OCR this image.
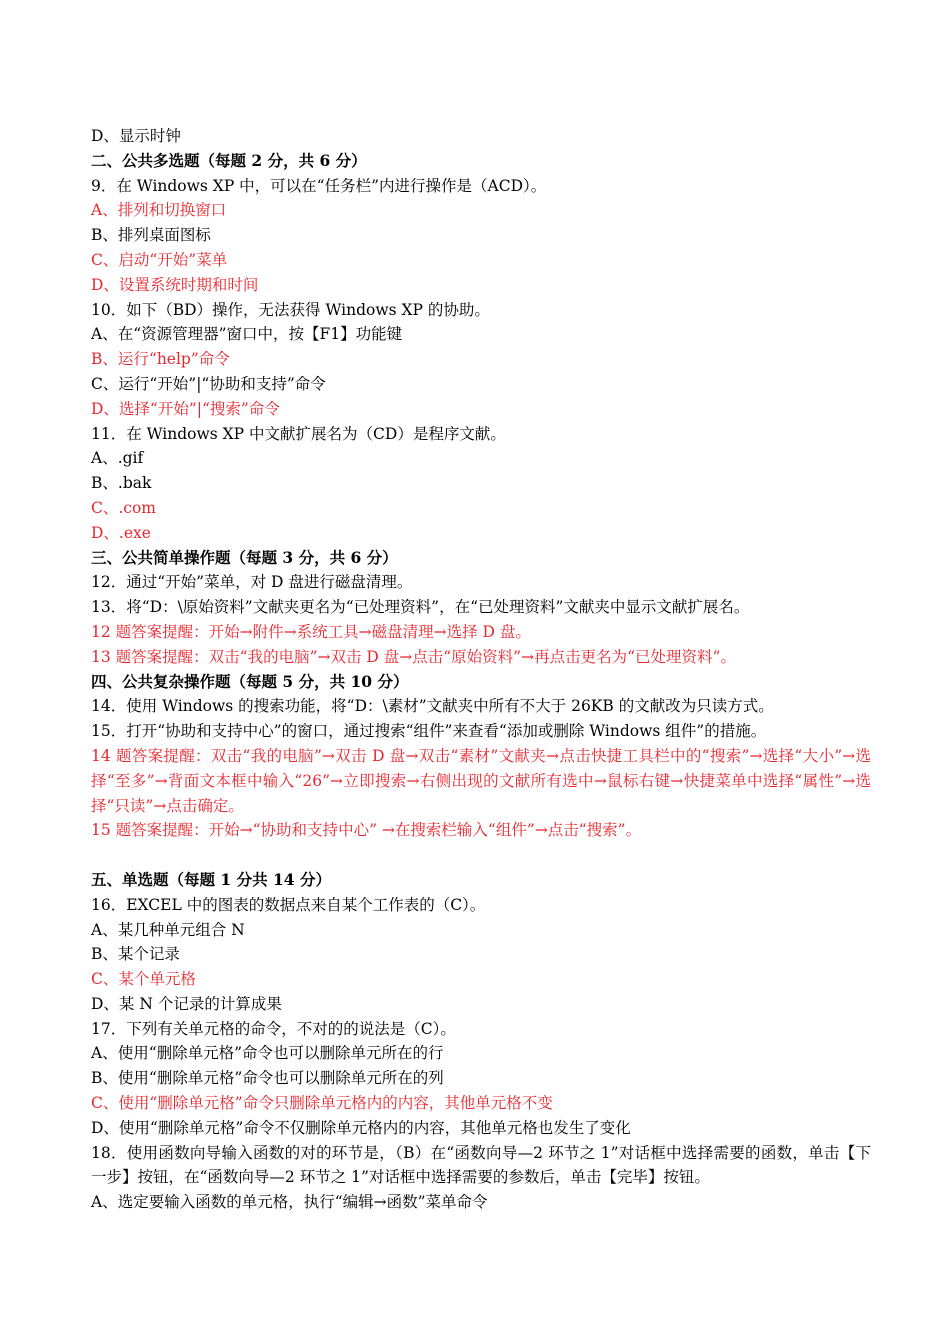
D、显示时钟
二、公共多选题（每题 2 分，共 6 分）
9．在 Windows XP 中，可以在“任务栏”内进行操作是（ACD）。
A、排列和切换窗口
B、排列桌面图标
C、启动“开始”菜单
D、设置系统时期和时间
10．如下（BD）操作，无法获得 Windows XP 的协助。
A、在“资源管理器”窗口中，按【F1】功能键
B、运行“help”命令
C、运行“开始”|“协助和支持”命令
D、选择“开始”|“搜索”命令
11．在 Windows XP 中文献扩展名为（CD）是程序文献。
A、.gif
B、.bak
C、.com
D、.exe
三、公共简单操作题（每题 3 分，共 6 分）
12．通过“开始”菜单，对 D 盘进行磁盘清理。
13．将“D：\原始资料”文献夹更名为“已处理资料”，在“已处理资料”文献夹中显示文献扩展名。
12 题答案提醒：开始→附件→系统工具→磁盘清理→选择 D 盘。
13 题答案提醒：双击“我的电脑”→双击 D 盘→点击“原始资料”→再点击更名为“已处理资料”。
四、公共复杂操作题（每题 5 分，共 10 分）
14．使用 Windows 的搜索功能，将“D：\素材”文献夹中所有不大于 26KB 的文献改为只读方式。
15．打开“协助和支持中心”的窗口，通过搜索“组件”来查看“添加或删除 Windows 组件”的措施。
14 题答案提醒：双击“我的电脑”→双击 D 盘→双击“素材”文献夹→点击快捷工具栏中的“搜索”→选择“大小”→选择“至多”→背面文本框中输入“26”→立即搜索→右侧出现的文献所有选中→鼠标右键→快捷菜单中选择“属性”→选择“只读”→点击确定。
15 题答案提醒：开始→“协助和支持中心” →在搜索栏输入“组件”→点击“搜索”。
五、单选题（每题 1 分共 14 分）
16．EXCEL 中的图表的数据点来自某个工作表的（C）。
A、某几种单元组合 N
B、某个记录
C、某个单元格
D、某 N 个记录的计算成果
17．下列有关单元格的命令，不对的的说法是（C）。
A、使用“删除单元格”命令也可以删除单元所在的行
B、使用“删除单元格”命令也可以删除单元所在的列
C、使用“删除单元格”命令只删除单元格内的内容，其他单元格不变
D、使用“删除单元格”命令不仅删除单元格内的内容，其他单元格也发生了变化
18．使用函数向导输入函数的对的环节是，（B）在“函数向导—2 环节之 1”对话框中选择需要的函数，单击【下一步】按钮，在“函数向导—2 环节之 1”对话框中选择需要的参数后，单击【完毕】按钮。
A、选定要输入函数的单元格，执行“编辑→函数”菜单命令
